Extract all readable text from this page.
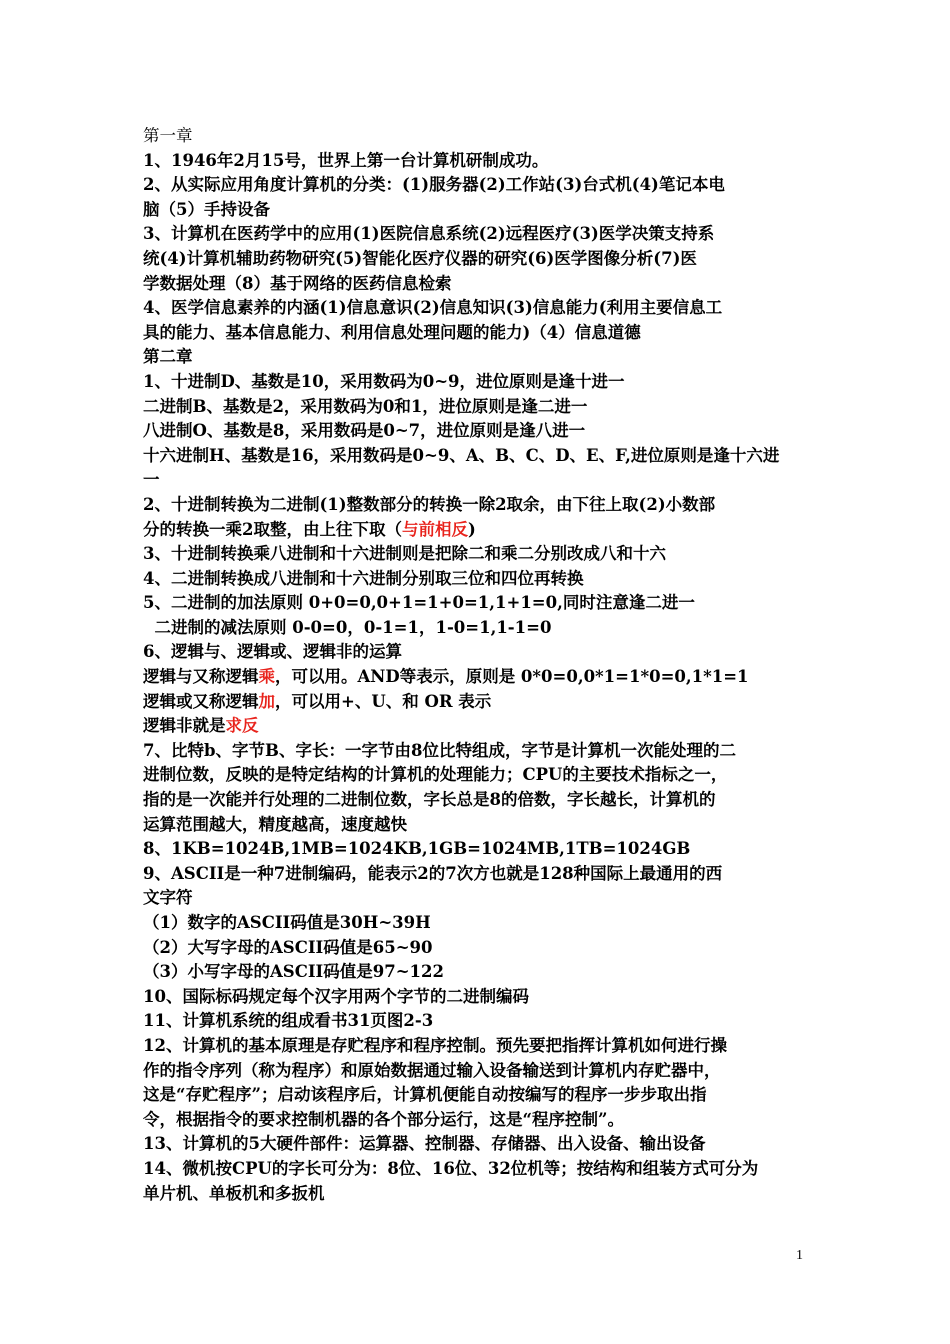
第一章
1、1946年2月15号，世界上第一台计算机研制成功。
2、从实际应用角度计算机的分类：(1)服务器(2)工作站(3)台式机(4)笔记本电
脑（5）手持设备
3、计算机在医药学中的应用(1)医院信息系统(2)远程医疗(3)医学决策支持系
统(4)计算机辅助药物研究(5)智能化医疗仪器的研究(6)医学图像分析(7)医
学数据处理（8）基于网络的医药信息检索
4、医学信息素养的内涵(1)信息意识(2)信息知识(3)信息能力(利用主要信息工
具的能力、基本信息能力、利用信息处理问题的能力)（4）信息道德
第二章
1、十进制D、基数是10，采用数码为0~9，进位原则是逢十进一
二进制B、基数是2，采用数码为0和1，进位原则是逢二进一
八进制O、基数是8，采用数码是0~7，进位原则是逢八进一
十六进制H、基数是16，采用数码是0~9、A、B、C、D、E、F,进位原则是逢十六进
一
2、十进制转换为二进制(1)整数部分的转换一除2取余，由下往上取(2)小数部
分的转换一乘2取整，由上往下取（与前相反)
3、十进制转换乘八进制和十六进制则是把除二和乘二分别改成八和十六
4、二进制转换成八进制和十六进制分别取三位和四位再转换
5、二进制的加法原则 0+0=0,0+1=1+0=1,1+1=0,同时注意逢二进一
二进制的减法原则 0-0=0，0-1=1，1-0=1,1-1=0
6、逻辑与、逻辑或、逻辑非的运算
逻辑与又称逻辑乘，可以用。AND等表示，原则是 0*0=0,0*1=1*0=0,1*1=1
逻辑或又称逻辑加，可以用+、U、和 OR 表示
逻辑非就是求反
7、比特b、字节B、字长：一字节由8位比特组成，字节是计算机一次能处理的二
进制位数，反映的是特定结构的计算机的处理能力；CPU的主要技术指标之一，
指的是一次能并行处理的二进制位数，字长总是8的倍数，字长越长，计算机的
运算范围越大，精度越高，速度越快
8、1KB=1024B,1MB=1024KB,1GB=1024MB,1TB=1024GB
9、ASCII是一种7进制编码，能表示2的7次方也就是128种国际上最通用的西
文字符
（1）数字的ASCII码值是30H~39H
（2）大写字母的ASCII码值是65~90
（3）小写字母的ASCII码值是97~122
10、国际标码规定每个汉字用两个字节的二进制编码
11、计算机系统的组成看书31页图2-3
12、计算机的基本原理是存贮程序和程序控制。预先要把指挥计算机如何进行操
作的指令序列（称为程序）和原始数据通过输入设备输送到计算机内存贮器中，
这是“存贮程序”；启动该程序后，计算机便能自动按编写的程序一步步取出指
令，根据指令的要求控制机器的各个部分运行，这是“程序控制”。
13、计算机的5大硬件部件：运算器、控制器、存储器、出入设备、输出设备
14、微机按CPU的字长可分为：8位、16位、32位机等；按结构和组装方式可分为
单片机、单板机和多扳机
1
